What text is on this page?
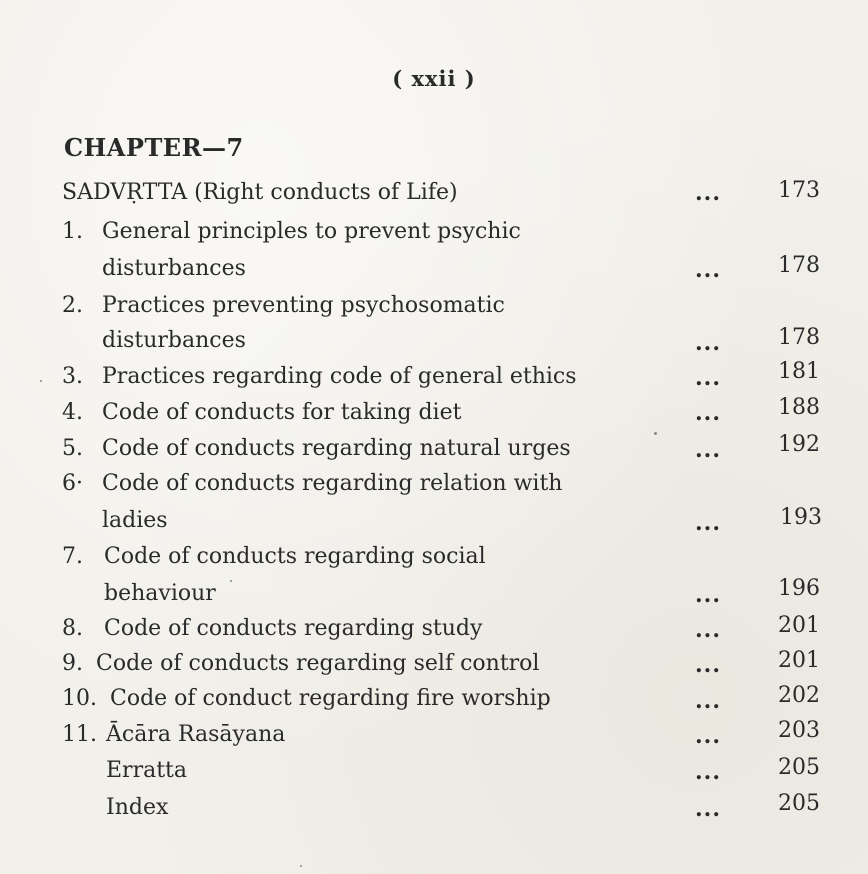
( xxii )
CHAPTER—7
SADVṚTTA (Right conducts of Life)	...	173
1. General principles to prevent psychic
disturbances	...	178
2. Practices preventing psychosomatic
disturbances	...	178
3. Practices regarding code of general ethics	...	181
4. Code of conducts for taking diet	...	188
5. Code of conducts regarding natural urges	...	192
6· Code of conducts regarding relation with
ladies	...	193
7. Code of conducts regarding social
behaviour	...	196
8. Code of conducts regarding study	...	201
9. Code of conducts regarding self control	...	201
10. Code of conduct regarding fire worship	...	202
11. Ācāra Rasāyana	...	203
Erratta	...	205
Index	...	205
